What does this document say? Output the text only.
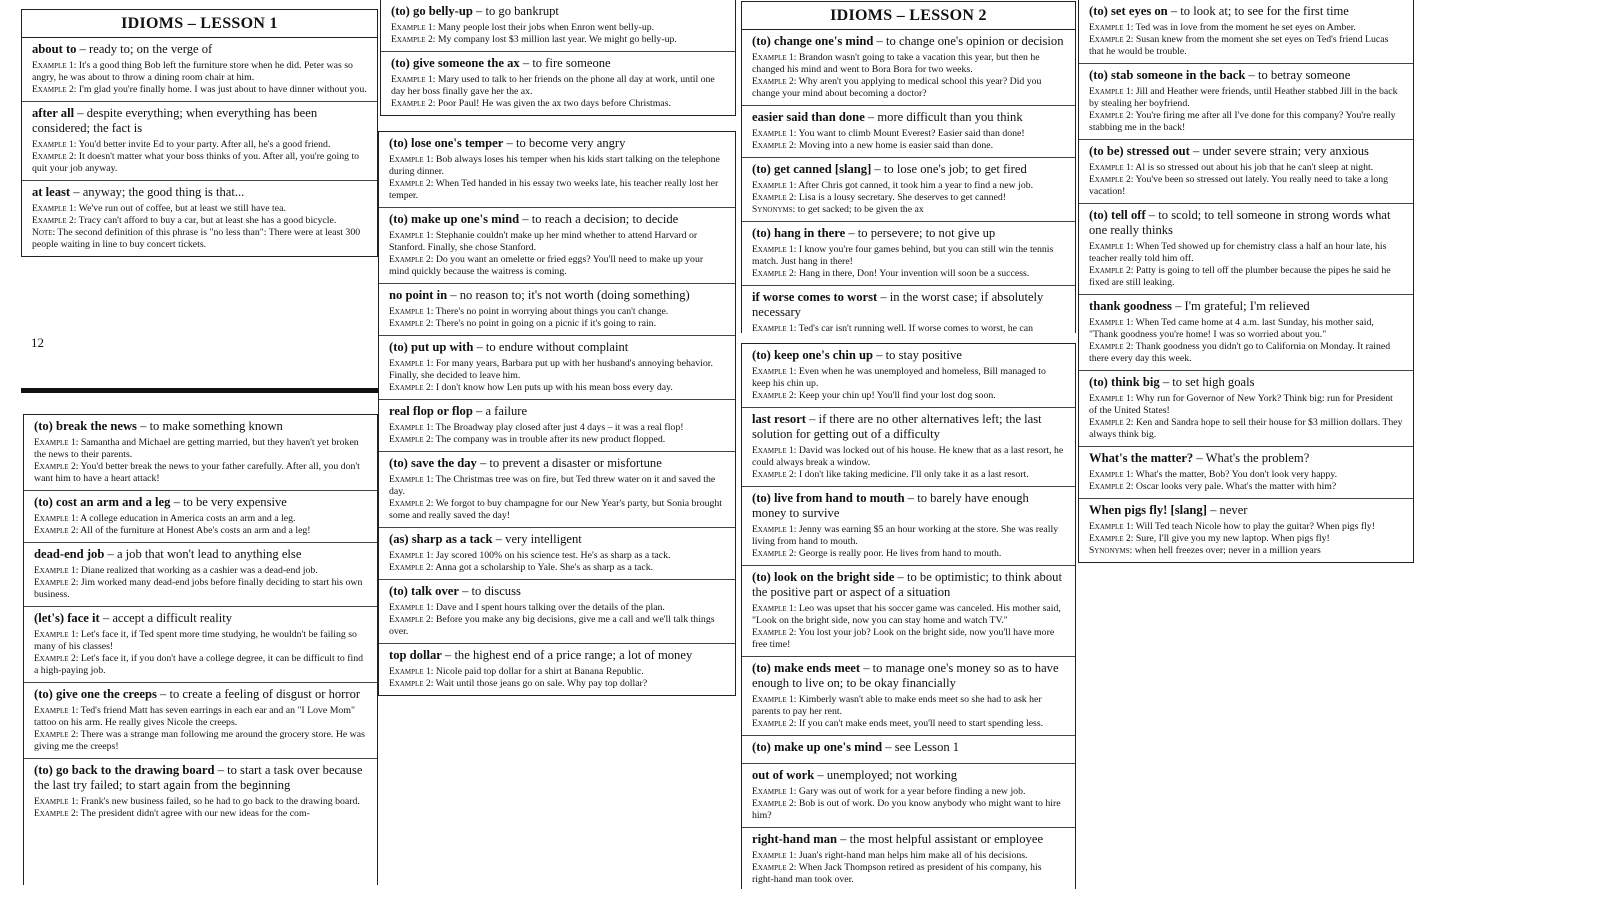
IDIOMS – LESSON 1
about to – ready to; on the verge of
Example 1: It's a good thing Bob left the furniture store when he did. Peter was so angry, he was about to throw a dining room chair at him.
Example 2: I'm glad you're finally home. I was just about to have dinner without you.
after all – despite everything; when everything has been considered; the fact is
Example 1: You'd better invite Ed to your party. After all, he's a good friend.
Example 2: It doesn't matter what your boss thinks of you. After all, you're going to quit your job anyway.
at least – anyway; the good thing is that...
Example 1: We've run out of coffee, but at least we still have tea.
Example 2: Tracy can't afford to buy a car, but at least she has a good bicycle.
Note: The second definition of this phrase is "no less than": There were at least 300 people waiting in line to buy concert tickets.
12
(to) break the news – to make something known
Example 1: Samantha and Michael are getting married, but they haven't yet broken the news to their parents.
Example 2: You'd better break the news to your father carefully. After all, you don't want him to have a heart attack!
(to) cost an arm and a leg – to be very expensive
Example 1: A college education in America costs an arm and a leg.
Example 2: All of the furniture at Honest Abe's costs an arm and a leg!
dead-end job – a job that won't lead to anything else
Example 1: Diane realized that working as a cashier was a dead-end job.
Example 2: Jim worked many dead-end jobs before finally deciding to start his own business.
(let's) face it – accept a difficult reality
Example 1: Let's face it, if Ted spent more time studying, he wouldn't be failing so many of his classes!
Example 2: Let's face it, if you don't have a college degree, it can be difficult to find a high-paying job.
(to) give one the creeps – to create a feeling of disgust or horror
Example 1: Ted's friend Matt has seven earrings in each ear and an "I Love Mom" tattoo on his arm. He really gives Nicole the creeps.
Example 2: There was a strange man following me around the grocery store. He was giving me the creeps!
(to) go back to the drawing board – to start a task over because the last try failed; to start again from the beginning
Example 1: Frank's new business failed, so he had to go back to the drawing board.
Example 2: The president didn't agree with our new ideas for the com-
(to) go belly-up – to go bankrupt
Example 1: Many people lost their jobs when Enron went belly-up.
Example 2: My company lost $3 million last year. We might go belly-up.
(to) give someone the ax – to fire someone
Example 1: Mary used to talk to her friends on the phone all day at work, until one day her boss finally gave her the ax.
Example 2: Poor Paul! He was given the ax two days before Christmas.
(to) lose one's temper – to become very angry
Example 1: Bob always loses his temper when his kids start talking on the telephone during dinner.
Example 2: When Ted handed in his essay two weeks late, his teacher really lost her temper.
(to) make up one's mind – to reach a decision; to decide
Example 1: Stephanie couldn't make up her mind whether to attend Harvard or Stanford. Finally, she chose Stanford.
Example 2: Do you want an omelette or fried eggs? You'll need to make up your mind quickly because the waitress is coming.
no point in – no reason to; it's not worth (doing something)
Example 1: There's no point in worrying about things you can't change.
Example 2: There's no point in going on a picnic if it's going to rain.
(to) put up with – to endure without complaint
Example 1: For many years, Barbara put up with her husband's annoying behavior. Finally, she decided to leave him.
Example 2: I don't know how Len puts up with his mean boss every day.
real flop or flop – a failure
Example 1: The Broadway play closed after just 4 days – it was a real flop!
Example 2: The company was in trouble after its new product flopped.
(to) save the day – to prevent a disaster or misfortune
Example 1: The Christmas tree was on fire, but Ted threw water on it and saved the day.
Example 2: We forgot to buy champagne for our New Year's party, but Sonia brought some and really saved the day!
(as) sharp as a tack – very intelligent
Example 1: Jay scored 100% on his science test. He's as sharp as a tack.
Example 2: Anna got a scholarship to Yale. She's as sharp as a tack.
(to) talk over – to discuss
Example 1: Dave and I spent hours talking over the details of the plan.
Example 2: Before you make any big decisions, give me a call and we'll talk things over.
top dollar – the highest end of a price range; a lot of money
Example 1: Nicole paid top dollar for a shirt at Banana Republic.
Example 2: Wait until those jeans go on sale. Why pay top dollar?
IDIOMS – LESSON 2
(to) change one's mind – to change one's opinion or decision
Example 1: Brandon wasn't going to take a vacation this year, but then he changed his mind and went to Bora Bora for two weeks.
Example 2: Why aren't you applying to medical school this year? Did you change your mind about becoming a doctor?
easier said than done – more difficult than you think
Example 1: You want to climb Mount Everest? Easier said than done!
Example 2: Moving into a new home is easier said than done.
(to) get canned [slang] – to lose one's job; to get fired
Example 1: After Chris got canned, it took him a year to find a new job.
Example 2: Lisa is a lousy secretary. She deserves to get canned!
Synonyms: to get sacked; to be given the ax
(to) hang in there – to persevere; to not give up
Example 1: I know you're four games behind, but you can still win the tennis match. Just hang in there!
Example 2: Hang in there, Don! Your invention will soon be a success.
if worse comes to worst – in the worst case; if absolutely necessary
Example 1: Ted's car isn't running well. If worse comes to worst, he can
(to) keep one's chin up – to stay positive
Example 1: Even when he was unemployed and homeless, Bill managed to keep his chin up.
Example 2: Keep your chin up! You'll find your lost dog soon.
last resort – if there are no other alternatives left; the last solution for getting out of a difficulty
Example 1: David was locked out of his house. He knew that as a last resort, he could always break a window.
Example 2: I don't like taking medicine. I'll only take it as a last resort.
(to) live from hand to mouth – to barely have enough money to survive
Example 1: Jenny was earning $5 an hour working at the store. She was really living from hand to mouth.
Example 2: George is really poor. He lives from hand to mouth.
(to) look on the bright side – to be optimistic; to think about the positive part or aspect of a situation
Example 1: Leo was upset that his soccer game was canceled. His mother said, "Look on the bright side, now you can stay home and watch TV."
Example 2: You lost your job? Look on the bright side, now you'll have more free time!
(to) make ends meet – to manage one's money so as to have enough to live on; to be okay financially
Example 1: Kimberly wasn't able to make ends meet so she had to ask her parents to pay her rent.
Example 2: If you can't make ends meet, you'll need to start spending less.
(to) make up one's mind – see Lesson 1
out of work – unemployed; not working
Example 1: Gary was out of work for a year before finding a new job.
Example 2: Bob is out of work. Do you know anybody who might want to hire him?
right-hand man – the most helpful assistant or employee
Example 1: Juan's right-hand man helps him make all of his decisions.
Example 2: When Jack Thompson retired as president of his company, his right-hand man took over.
(to) set eyes on – to look at; to see for the first time
Example 1: Ted was in love from the moment he set eyes on Amber.
Example 2: Susan knew from the moment she set eyes on Ted's friend Lucas that he would be trouble.
(to) stab someone in the back – to betray someone
Example 1: Jill and Heather were friends, until Heather stabbed Jill in the back by stealing her boyfriend.
Example 2: You're firing me after all I've done for this company? You're really stabbing me in the back!
(to be) stressed out – under severe strain; very anxious
Example 1: Al is so stressed out about his job that he can't sleep at night.
Example 2: You've been so stressed out lately. You really need to take a long vacation!
(to) tell off – to scold; to tell someone in strong words what one really thinks
Example 1: When Ted showed up for chemistry class a half an hour late, his teacher really told him off.
Example 2: Patty is going to tell off the plumber because the pipes he said he fixed are still leaking.
thank goodness – I'm grateful; I'm relieved
Example 1: When Ted came home at 4 a.m. last Sunday, his mother said, "Thank goodness you're home! I was so worried about you."
Example 2: Thank goodness you didn't go to California on Monday. It rained there every day this week.
(to) think big – to set high goals
Example 1: Why run for Governor of New York? Think big: run for President of the United States!
Example 2: Ken and Sandra hope to sell their house for $3 million dollars. They always think big.
What's the matter? – What's the problem?
Example 1: What's the matter, Bob? You don't look very happy.
Example 2: Oscar looks very pale. What's the matter with him?
When pigs fly! [slang] – never
Example 1: Will Ted teach Nicole how to play the guitar? When pigs fly!
Example 2: Sure, I'll give you my new laptop. When pigs fly!
Synonyms: when hell freezes over; never in a million years
